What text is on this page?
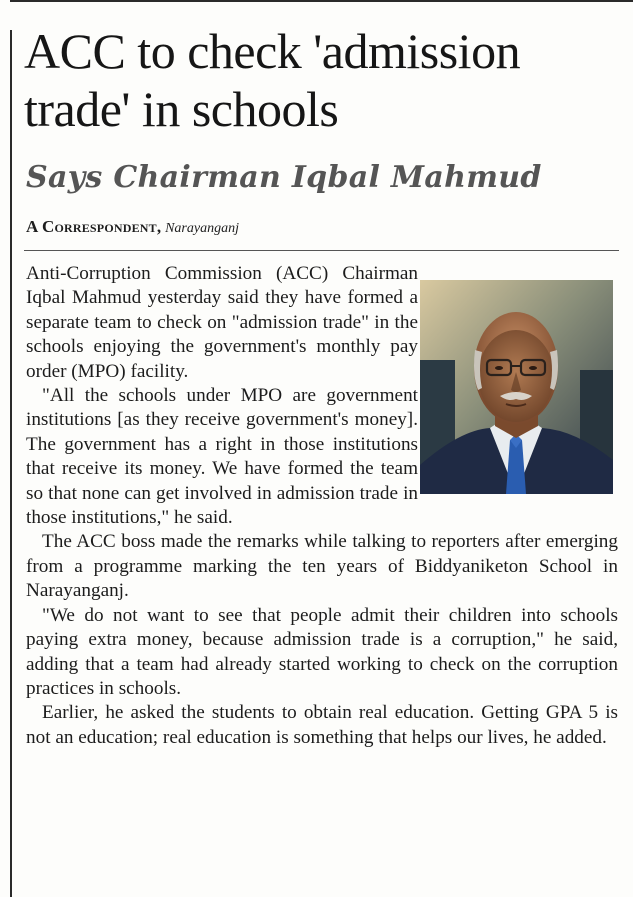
ACC to check 'admission trade' in schools
Says Chairman Iqbal Mahmud
A Correspondent, Narayanganj

Anti-Corruption Commission (ACC) Chairman Iqbal Mahmud yesterday said they have formed a separate team to check on "admission trade" in the schools enjoying the government's monthly pay order (MPO) facility.

"All the schools under MPO are government institutions [as they receive government's money]. The government has a right in those institutions that receive its money. We have formed the team so that none can get involved in admission trade in those institutions," he said.

The ACC boss made the remarks while talking to reporters after emerging from a programme marking the ten years of Biddyaniketon School in Narayanganj.

"We do not want to see that people admit their children into schools paying extra money, because admission trade is a corruption," he said, adding that a team had already started working to check on the corruption practices in schools.

Earlier, he asked the students to obtain real education. Getting GPA 5 is not an education; real education is something that helps our lives, he added.
